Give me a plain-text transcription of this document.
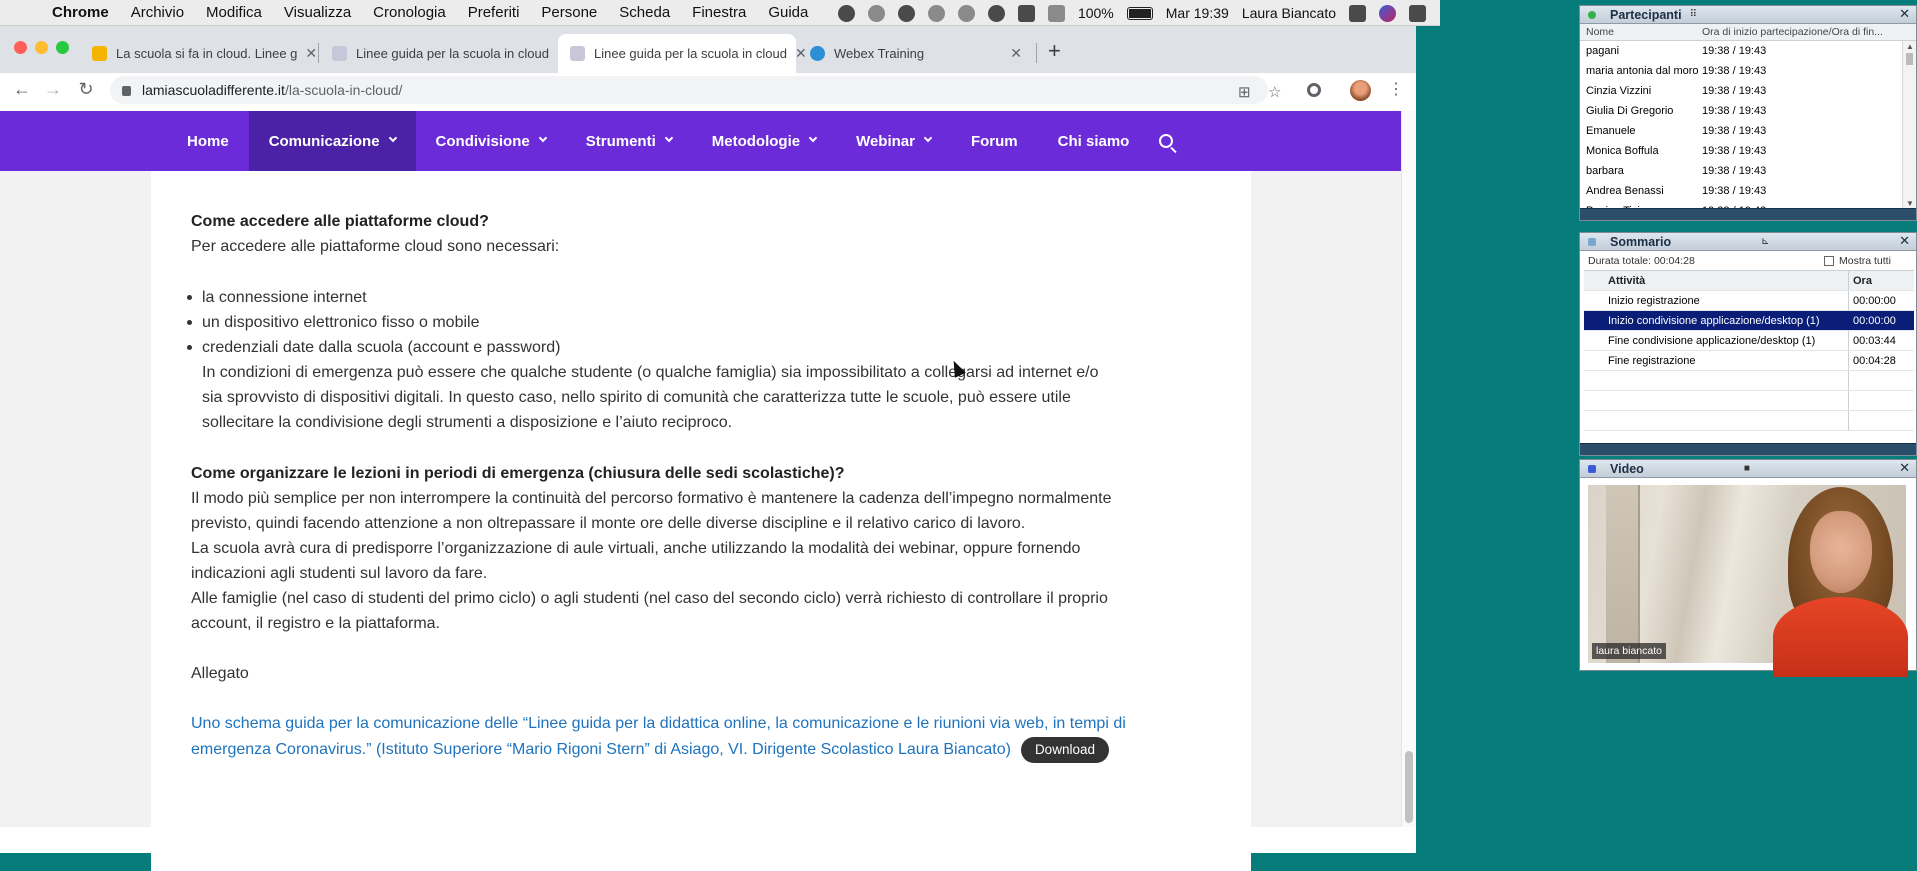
Chrome Archivio Modifica Visualizza Cronologia Preferiti Persone Scheda Finestra Guida	100%	Mar 19:39 Laura Biancato
La scuola si fa in cloud. Linee g ✕	Linee guida per la scuola in cloud	Linee guida per la scuola in cloud ✕ Webex Training	✕ +
← → ↻	lamiascuoladifferente.it /la-scuola-in-cloud/	⊞ ☆	⋮
Home	Comunicazione	Condivisione	Strumenti	Metodologie	Webinar	Forum	Chi siamo
Come accedere alle piattaforme cloud?
Per accedere alle piattaforme cloud sono necessari:
la connessione internet
un dispositivo elettronico fisso o mobile
credenziali date dalla scuola (account e password)
In condizioni di emergenza può essere che qualche studente (o qualche famiglia) sia impossibilitato a collegarsi ad internet e/o
sia sprovvisto di dispositivi digitali. In questo caso, nello spirito di comunità che caratterizza tutte le scuole, può essere utile
sollecitare la condivisione degli strumenti a disposizione e l’aiuto reciproco.
Come organizzare le lezioni in periodi di emergenza (chiusura delle sedi scolastiche)?
Il modo più semplice per non interrompere la continuità del percorso formativo è mantenere la cadenza dell’impegno normalmente
previsto, quindi facendo attenzione a non oltrepassare il monte ore delle diverse discipline e il relativo carico di lavoro.
La scuola avrà cura di predisporre l’organizzazione di aule virtuali, anche utilizzando la modalità dei webinar, oppure fornendo
indicazioni agli studenti sul lavoro da fare.
Alle famiglie (nel caso di studenti del primo ciclo) o agli studenti (nel caso del secondo ciclo) verrà richiesto di controllare il proprio
account, il registro e la piattaforma.
Allegato
Uno schema guida per la comunicazione delle “Linee guida per la didattica online, la comunicazione e le riunioni via web, in tempi di
emergenza Coronavirus.” (Istituto Superiore “Mario Rigoni Stern” di Asiago, VI. Dirigente Scolastico Laura Biancato) Download
Partecipanti ⠿	✕
Nome	Ora di inizio partecipazione/Ora di fin...
pagani	19:38 / 19:43
maria antonia dal moro 19:38 / 19:43
Cinzia Vizzini	19:38 / 19:43
Giulia Di Gregorio	19:38 / 19:43
Emanuele	19:38 / 19:43
Monica Boffula	19:38 / 19:43
barbara	19:38 / 19:43
Andrea Benassi	19:38 / 19:43
▲
▼
Sommario	⊾	✕
Durata totale: 00:04:28	Mostra tutti
Attività	Ora
Inizio registrazione	00:00:00
Inizio condivisione applicazione/desktop (1)	00:00:00
Fine condivisione applicazione/desktop (1)	00:03:44
Fine registrazione	00:04:28
Video	■	✕
laura biancato
